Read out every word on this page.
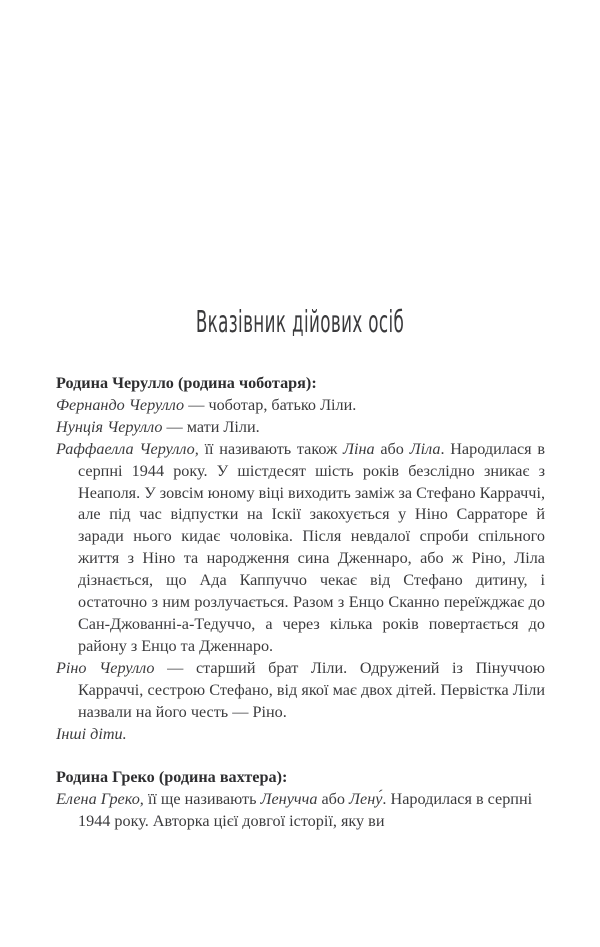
Вказівник дійових осіб

Родина Черулло (родина чоботаря):

Фернандо Черулло — чоботар, батько Ліли.

Нунція Черулло — мати Ліли.

Раффаелла Черулло, її називають також Ліна або Ліла. Народилася в серпні 1944 року. У шістдесят шість років безслідно зникає з Неаполя. У зовсім юному віці виходить заміж за Стефано Карраччі, але під час відпустки на Іскії закохується у Ніно Сарраторе й заради нього кидає чоловіка. Після невдалої спроби спільного життя з Ніно та народження сина Дженнаро, або ж Ріно, Ліла дізнається, що Ада Каппуччо чекає від Стефано дитину, і остаточно з ним розлучається. Разом з Енцо Сканно переїжджає до Сан-Джованні-а-Тедуччо, а через кілька років повертається до району з Енцо та Дженнаро.

Ріно Черулло — старший брат Ліли. Одружений із Пінуччою Карраччі, сестрою Стефано, від якої має двох дітей. Первістка Ліли назвали на його честь — Ріно.

Інші діти.

Родина Греко (родина вахтера):

Елена Греко, її ще називають Ленучча або Лену́. Народилася в серпні 1944 року. Авторка цієї довгої історії, яку ви
